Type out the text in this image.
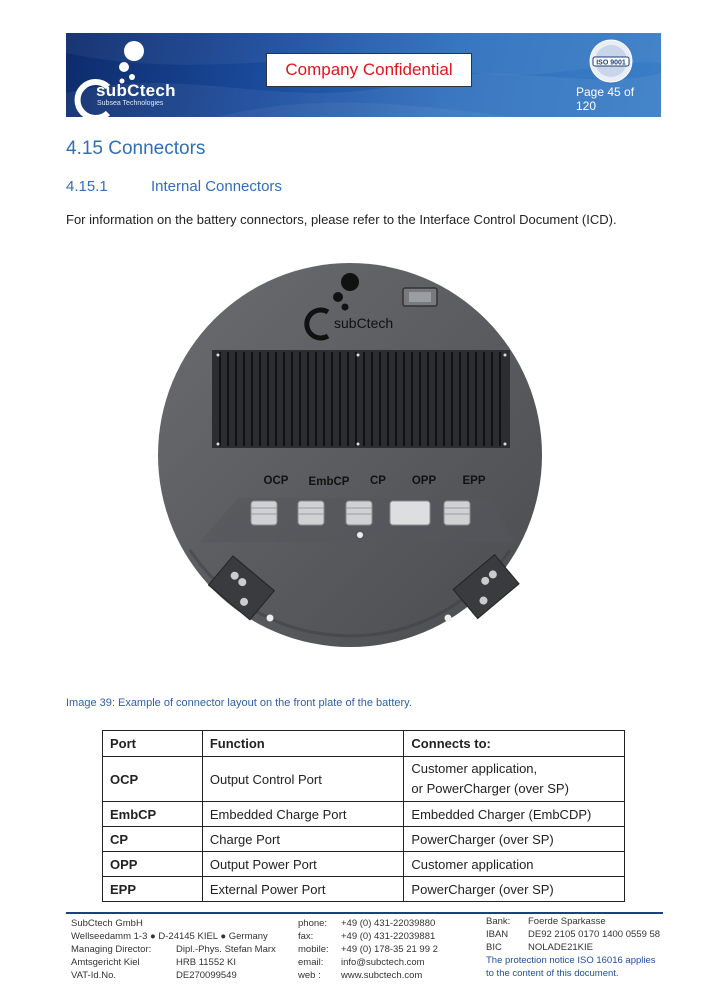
subCtech
Subsea Technologies
Company Confidential	ISO 9001
Page 45 of 120
4.15 Connectors
4.15.1	Internal Connectors
For information on the battery connectors, please refer to the Interface Control Document (ICD).
subCtech
OCP EmbCP CP OPP EPP
Image 39: Example of connector layout on the front plate of the battery.
Port	Function	Connects to:
OCP	Output Control Port	Customer application,
or PowerCharger (over SP)

EmbCP	Embedded Charge Port	Embedded Charger (EmbCDP)
CP	Charge Port	PowerCharger (over SP)
OPP	Output Power Port	Customer application
EPP	External Power Port	PowerCharger (over SP)
SubCtech GmbH
Wellseedamm 1-3 ● D-24145 KIEL ● Germany
Managing Director:	Dipl.-Phys. Stefan Marx
Amtsgericht Kiel	HRB 11552 KI
VAT-Id.No.	DE270099549
phone: +49 (0) 431-22039880
fax:	+49 (0) 431-22039881
mobile: +49 (0) 178-35 21 99 2
email: info@subctech.com
web : www.subctech.com
Bank: Foerde Sparkasse
IBAN DE92 2105 0170 1400 0559 58
BIC	NOLADE21KIE
The protection notice ISO 16016 applies
to the content of this document.
